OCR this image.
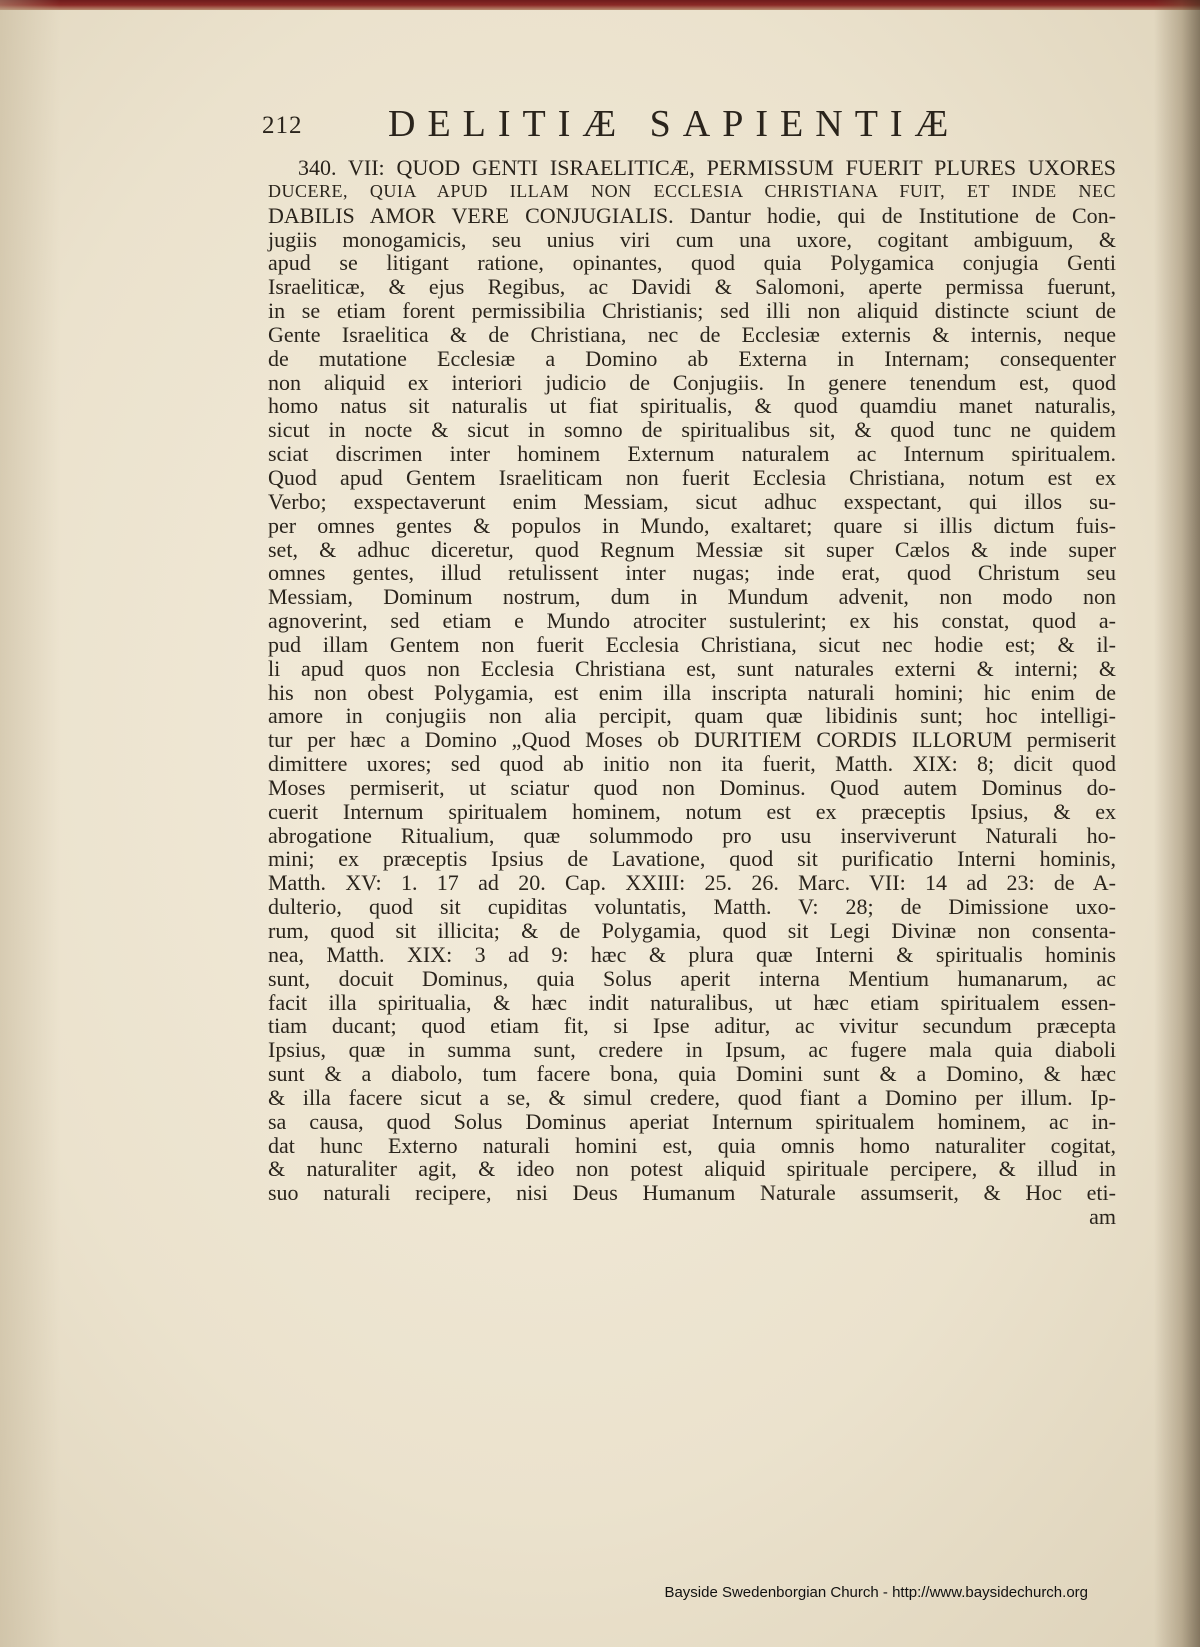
212 DELITIÆ SAPIENTIÆ
340. VII: QUOD GENTI ISRAELITICÆ, PERMISSUM FUERIT PLURES UXORES
DUCERE, QUIA APUD ILLAM NON ECCLESIA CHRISTIANA FUIT, ET INDE NEC
DABILIS AMOR VERE CONJUGIALIS. Dantur hodie, qui de Institutione de Con-
jugiis monogamicis, seu unius viri cum una uxore, cogitant ambiguum, &
apud se litigant ratione, opinantes, quod quia Polygamica conjugia Genti
Israeliticæ, & ejus Regibus, ac Davidi & Salomoni, aperte permissa fuerunt,
in se etiam forent permissibilia Christianis; sed illi non aliquid distincte sciunt de
Gente Israelitica & de Christiana, nec de Ecclesiæ externis & internis, neque
de mutatione Ecclesiæ a Domino ab Externa in Internam; consequenter
non aliquid ex interiori judicio de Conjugiis. In genere tenendum est, quod
homo natus sit naturalis ut fiat spiritualis, & quod quamdiu manet naturalis,
sicut in nocte & sicut in somno de spiritualibus sit, & quod tunc ne quidem
sciat discrimen inter hominem Externum naturalem ac Internum spiritualem.
Quod apud Gentem Israeliticam non fuerit Ecclesia Christiana, notum est ex
Verbo; exspectaverunt enim Messiam, sicut adhuc exspectant, qui illos su-
per omnes gentes & populos in Mundo, exaltaret; quare si illis dictum fuis-
set, & adhuc diceretur, quod Regnum Messiæ sit super Cælos & inde super
omnes gentes, illud retulissent inter nugas; inde erat, quod Christum seu
Messiam, Dominum nostrum, dum in Mundum advenit, non modo non
agnoverint, sed etiam e Mundo atrociter sustulerint; ex his constat, quod a-
pud illam Gentem non fuerit Ecclesia Christiana, sicut nec hodie est; & il-
li apud quos non Ecclesia Christiana est, sunt naturales externi & interni; &
his non obest Polygamia, est enim illa inscripta naturali homini; hic enim de
amore in conjugiis non alia percipit, quam quæ libidinis sunt; hoc intelligi-
tur per hæc a Domino „Quod Moses ob DURITIEM CORDIS ILLORUM permiserit
dimittere uxores; sed quod ab initio non ita fuerit, Matth. XIX: 8; dicit quod
Moses permiserit, ut sciatur quod non Dominus. Quod autem Dominus do-
cuerit Internum spiritualem hominem, notum est ex præceptis Ipsius, & ex
abrogatione Ritualium, quæ solummodo pro usu inserviverunt Naturali ho-
mini; ex præceptis Ipsius de Lavatione, quod sit purificatio Interni hominis,
Matth. XV: 1. 17 ad 20. Cap. XXIII: 25. 26. Marc. VII: 14 ad 23: de A-
dulterio, quod sit cupiditas voluntatis, Matth. V: 28; de Dimissione uxo-
rum, quod sit illicita; & de Polygamia, quod sit Legi Divinæ non consenta-
nea, Matth. XIX: 3 ad 9: hæc & plura quæ Interni & spiritualis hominis
sunt, docuit Dominus, quia Solus aperit interna Mentium humanarum, ac
facit illa spiritualia, & hæc indit naturalibus, ut hæc etiam spiritualem essen-
tiam ducant; quod etiam fit, si Ipse aditur, ac vivitur secundum præcepta
Ipsius, quæ in summa sunt, credere in Ipsum, ac fugere mala quia diaboli
sunt & a diabolo, tum facere bona, quia Domini sunt & a Domino, & hæc
& illa facere sicut a se, & simul credere, quod fiant a Domino per illum. Ip-
sa causa, quod Solus Dominus aperiat Internum spiritualem hominem, ac in-
dat hunc Externo naturali homini est, quia omnis homo naturaliter cogitat,
& naturaliter agit, & ideo non potest aliquid spirituale percipere, & illud in
suo naturali recipere, nisi Deus Humanum Naturale assumserit, & Hoc eti-
am
Bayside Swedenborgian Church - http://www.baysidechurch.org
